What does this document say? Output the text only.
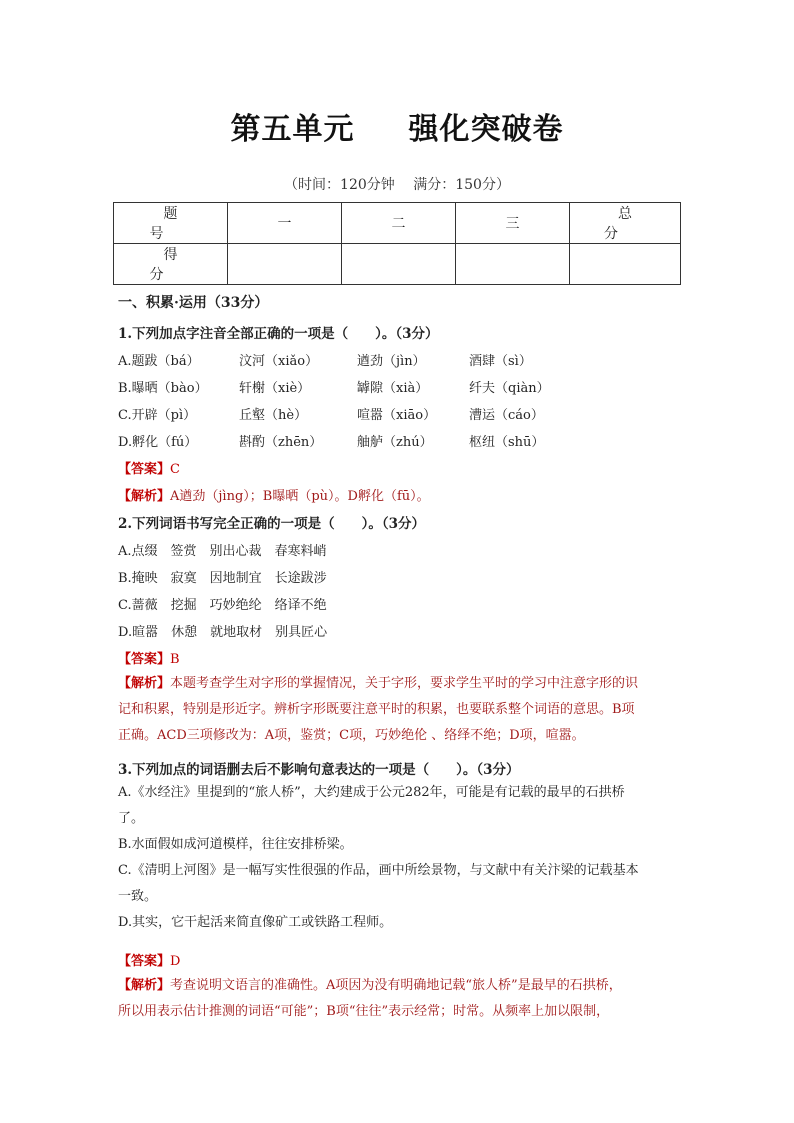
第五单元 强化突破卷
（时间：120分钟　 满分：150分）
题 号	一	二	三	总 分
得 分				
一、积累·运用（33分）
1.下列加点字注音全部正确的一项是（　　）。（3分）
A.题跋（bá）	汶河（xiǎo）	遒劲（jìn）	酒肆（sì）
B.曝晒（bào） 轩榭（xiè）	罅隙（xià）	纤夫（qiàn）
C.开辟（pì）	丘壑（hè）	喧嚣（xiāo）	漕运（cáo）
D.孵化（fú）	斟酌（zhēn）	舳舻（zhú）	枢纽（shū）
【答案】C
【解析】A遒劲（jìng）；B曝晒（pù）。D孵化（fū）。
2.下列词语书写完全正确的一项是（　　）。（3分）
A.点缀　签赏　别出心裁　春寒料峭
B.掩映　寂寞　因地制宜　长途跋涉
C.蔷薇　挖掘　巧妙绝纶　络译不绝
D.暄嚣　休憩　就地取材　别具匠心
【答案】B
【解析】本题考查学生对字形的掌握情况，关于字形，要求学生平时的学习中注意字形的识
记和积累，特别是形近字。辨析字形既要注意平时的积累，也要联系整个词语的意思。B项
正确。ACD三项修改为：A项，鉴赏；C项，巧妙绝伦 、络绎不绝；D项，喧嚣。
3.下列加点的词语删去后不影响句意表达的一项是（　　）。（3分）
A.《水经注》里提到的“旅人桥”，大约建成于公元282年，可能是有记载的最早的石拱桥
了。
B.水面假如成河道模样，往往安排桥梁。
C.《清明上河图》是一幅写实性很强的作品，画中所绘景物，与文献中有关汴梁的记载基本
一致。
D.其实，它干起活来简直像矿工或铁路工程师。
【答案】D
【解析】考查说明文语言的准确性。A项因为没有明确地记载“旅人桥”是最早的石拱桥，
所以用表示估计推测的词语“可能”；B项“往往”表示经常；时常。从频率上加以限制，
